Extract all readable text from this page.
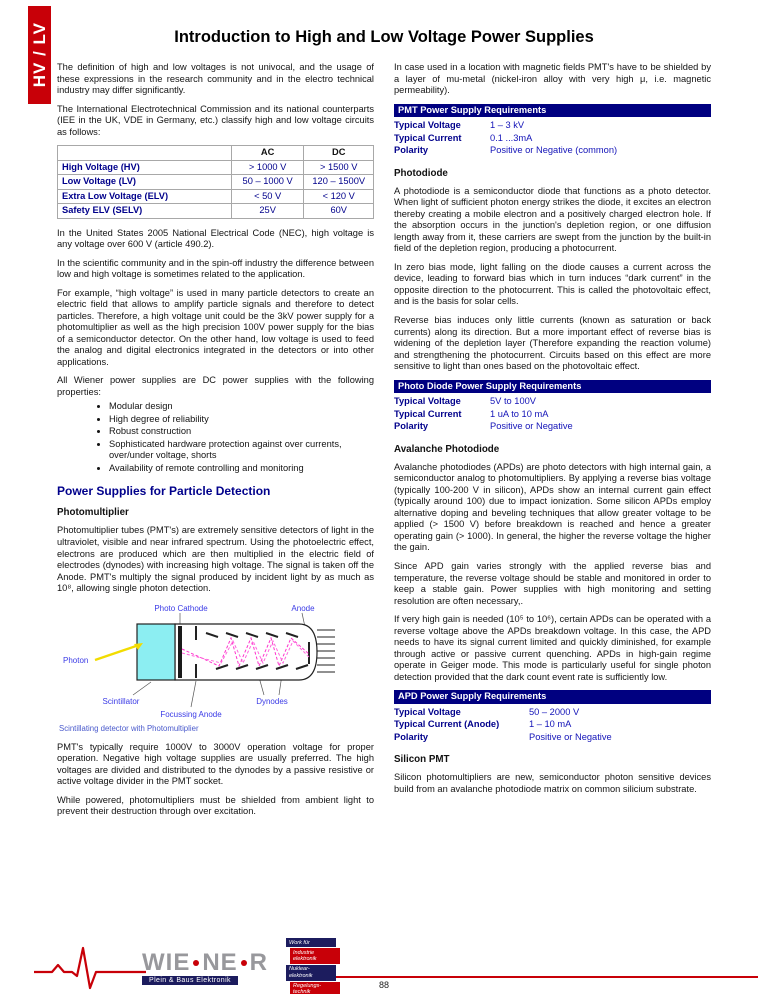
HV / LV	Introduction to High and Low Voltage Power Supplies

The definition of high and low voltages is not univocal, and the usage of these expressions in the research community and in the electro technical industry may differ significantly.

The International Electrotechnical Commission and its national counterparts (IEE in the UK, VDE in Germany, etc.) classify high and low voltage circuits as follows:

	AC	DC
High Voltage (HV)	> 1000 V	> 1500 V
Low Voltage (LV)	50 – 1000 V	120 – 1500V
Extra Low Voltage (ELV)	< 50 V	< 120 V
Safety ELV (SELV)	25V	60V

In the United States 2005 National Electrical Code (NEC), high voltage is any voltage over 600 V (article 490.2).

In the scientific community and in the spin-off industry the difference between low and high voltage is sometimes related to the application.

For example, “high voltage” is used in many particle detectors to create an electric field that allows to amplify particle signals and therefore to detect particles. Therefore, a high voltage unit could be the 3kV power supply for a photomultiplier as well as the high precision 100V power supply for the bias of a semiconductor detector. On the other hand, low voltage is used to feed the analog and digital electronics integrated in the detectors or into other applications.

All Wiener power supplies are DC power supplies with the following properties:

• Modular design
• High degree of reliability
• Robust construction
• Sophisticated hardware protection against over currents, over/under voltage, shorts
• Availability of remote controlling and monitoring
Power Supplies for Particle Detection
Photomultiplier

Photomultiplier tubes (PMT's) are extremely sensitive detectors of light in the ultraviolet, visible and near infrared spectrum. Using the photoelectric effect, electrons are produced which are then multiplied in the electric field of electrodes (dynodes) with increasing high voltage. The signal is taken off the Anode. PMT's multiply the signal produced by incident light by as much as 10⁸, allowing single photon detection.

Photo Cathode	Anode
Photon
Scintillator
Focussing Anode
Dynodes
Scintillating detector with Photomultiplier

PMT's typically require 1000V to 3000V operation voltage for proper operation. Negative high voltage supplies are usually preferred. The high voltages are divided and distributed to the dynodes by a passive resistive or active voltage divider in the PMT socket.

While powered, photomultipliers must be shielded from ambient light to prevent their destruction through over excitation.

In case used in a location with magnetic fields PMT's have to be shielded by a layer of mu-metal (nickel-iron alloy with very high μ, i.e. magnetic permeability).

PMT Power Supply Requirements
Typical Voltage	1 – 3 kV
Typical Current	0.1 ...3mA
Polarity	Positive or Negative (common)
Photodiode

A photodiode is a semiconductor diode that functions as a photo detector. When light of sufficient photon energy strikes the diode, it excites an electron thereby creating a mobile electron and a positively charged electron hole. If the absorption occurs in the junction's depletion region, or one diffusion length away from it, these carriers are swept from the junction by the built-in field of the depletion region, producing a photocurrent.

In zero bias mode, light falling on the diode causes a current across the device, leading to forward bias which in turn induces “dark current” in the opposite direction to the photocurrent. This is called the photovoltaic effect, and is the basis for solar cells.

Reverse bias induces only little currents (known as saturation or back currents) along its direction. But a more important effect of reverse bias is widening of the depletion layer (Therefore expanding the reaction volume) and strengthening the photocurrent. Circuits based on this effect are more sensitive to light than ones based on the photovoltaic effect.

Photo Diode Power Supply Requirements
Typical Voltage	5V to 100V
Typical Current	1 uA to 10 mA
Polarity	Positive or Negative
Avalanche Photodiode

Avalanche photodiodes (APDs) are photo detectors with high internal gain, a semiconductor analog to photomultipliers. By applying a reverse bias voltage (typically 100-200 V in silicon), APDs show an internal current gain effect (typically around 100) due to impact ionization. Some silicon APDs employ alternative doping and beveling techniques that allow greater voltage to be applied (> 1500 V) before breakdown is reached and hence a greater operating gain (> 1000). In general, the higher the reverse voltage the higher the gain.

Since APD gain varies strongly with the applied reverse bias and temperature, the reverse voltage should be stable and monitored in order to keep a stable gain. Power supplies with high monitoring and setting resolution are often necessary,.

If very high gain is needed (10⁵ to 10⁶), certain APDs can be operated with a reverse voltage above the APDs breakdown voltage. In this case, the APD needs to have its signal current limited and quickly diminished, for example through active or passive current quenching. APDs in high-gain regime operate in Geiger mode. This mode is particularly useful for single photon detection provided that the dark count event rate is sufficiently low.

APD Power Supply Requirements
Typical Voltage	50 – 2000 V
Typical Current (Anode)	1 – 10 mA
Polarity	Positive or Negative
Silicon PMT

Silicon photomultipliers are new, semiconductor photon sensitive devices build from an avalanche photodiode matrix on common silicium substrate.

WIE NE R
Plein & Baus Elektronik
Work für
Industrie elektronik
Nuklear- elektronik
Regelungs- technik
88
